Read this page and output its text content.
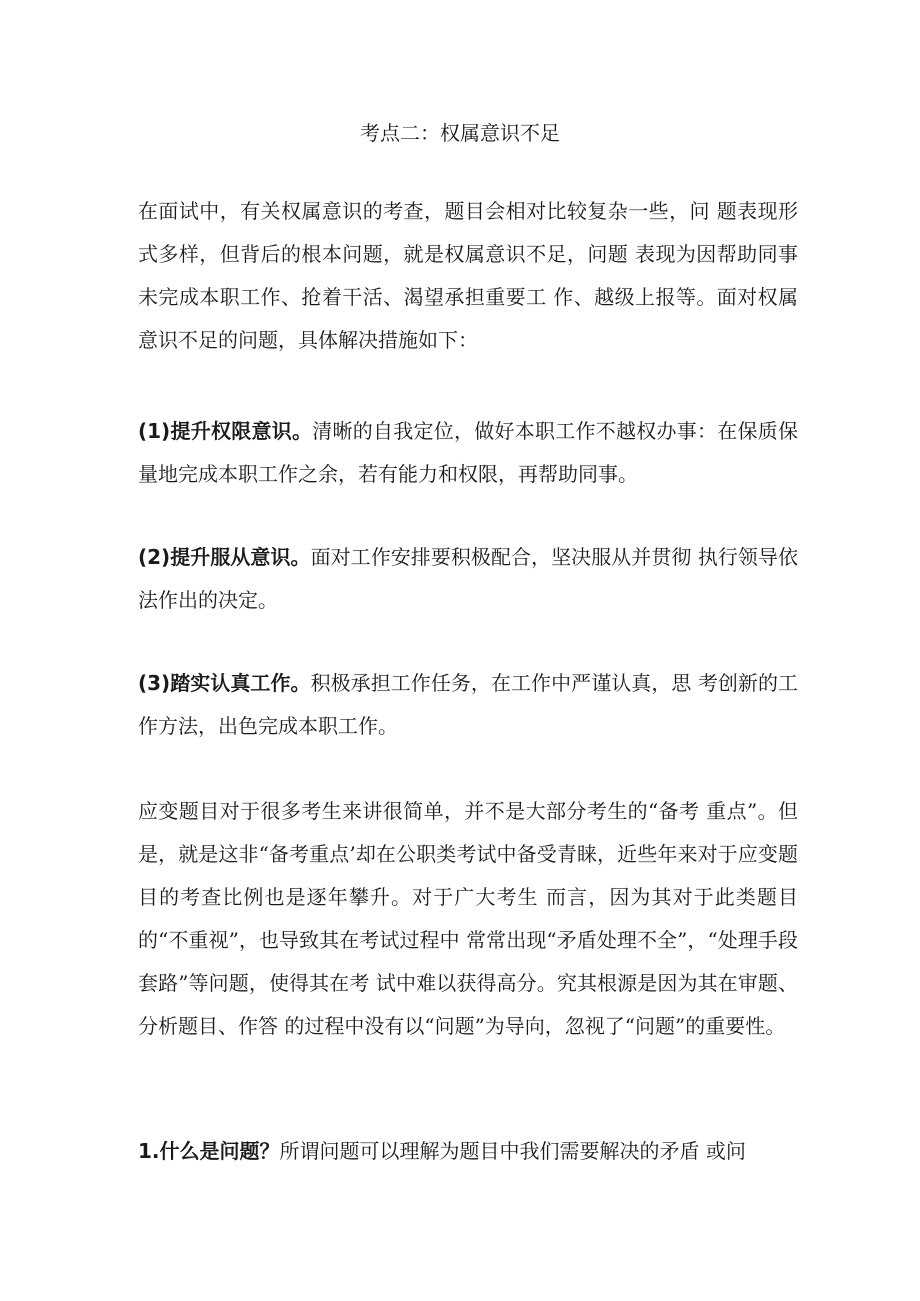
考点二：权属意识不足

在面试中，有关权属意识的考查，题目会相对比较复杂一些，问 题表现形式多样，但背后的根本问题，就是权属意识不足，问题 表现为因帮助同事未完成本职工作、抢着干活、渴望承担重要工 作、越级上报等。面对权属意识不足的问题，具体解决措施如下：

(1)提升权限意识。清晰的自我定位，做好本职工作不越权办事：在保质保量地完成本职工作之余，若有能力和权限，再帮助同事。

(2)提升服从意识。面对工作安排要积极配合，坚决服从并贯彻 执行领导依法作出的决定。

(3)踏实认真工作。积极承担工作任务，在工作中严谨认真，思 考创新的工作方法，出色完成本职工作。

应变题目对于很多考生来讲很简单，并不是大部分考生的“备考 重点”。但是，就是这非“备考重点’却在公职类考试中备受青睐，近些年来对于应变题目的考查比例也是逐年攀升。对于广大考生 而言，因为其对于此类题目的“不重视”，也导致其在考试过程中 常常出现“矛盾处理不全”，“处理手段套路”等问题，使得其在考 试中难以获得高分。究其根源是因为其在审题、分析题目、作答 的过程中没有以“问题”为导向，忽视了“问题”的重要性。

1.什么是问题？所谓问题可以理解为题目中我们需要解决的矛盾 或问
